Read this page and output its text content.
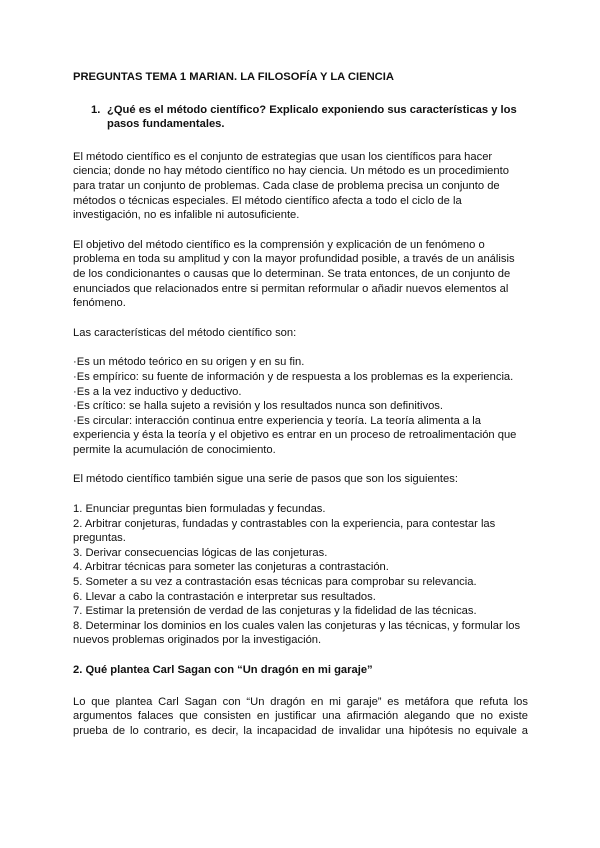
PREGUNTAS TEMA 1 MARIAN. LA FILOSOFÍA Y LA CIENCIA
1. ¿Qué es el método científico? Explicalo exponiendo sus características y los pasos fundamentales.

El método científico es el conjunto de estrategias que usan los científicos para hacer ciencia; donde no hay método científico no hay ciencia. Un método es un procedimiento para tratar un conjunto de problemas. Cada clase de problema precisa un conjunto de métodos o técnicas especiales. El método científico afecta a todo el ciclo de la investigación, no es infalible ni autosuficiente.

El objetivo del método científico es la comprensión y explicación de un fenómeno o problema en toda su amplitud y con la mayor profundidad posible, a través de un análisis de los condicionantes o causas que lo determinan. Se trata entonces, de un conjunto de enunciados que relacionados entre si permitan reformular o añadir nuevos elementos al fenómeno.

Las características del método científico son:

·Es un método teórico en su origen y en su fin.
·Es empírico: su fuente de información y de respuesta a los problemas es la experiencia.
·Es a la vez inductivo y deductivo.
·Es crítico: se halla sujeto a revisión y los resultados nunca son definitivos.
·Es circular: interacción continua entre experiencia y teoría. La teoría alimenta a la experiencia y ésta la teoría y el objetivo es entrar en un proceso de retroalimentación que permite la acumulación de conocimiento.

El método científico también sigue una serie de pasos que son los siguientes:

1. Enunciar preguntas bien formuladas y fecundas.
2. Arbitrar conjeturas, fundadas y contrastables con la experiencia, para contestar las preguntas.
3. Derivar consecuencias lógicas de las conjeturas.
4. Arbitrar técnicas para someter las conjeturas a contrastación.
5. Someter a su vez a contrastación esas técnicas para comprobar su relevancia.
6. Llevar a cabo la contrastación e interpretar sus resultados.
7. Estimar la pretensión de verdad de las conjeturas y la fidelidad de las técnicas.
8. Determinar los dominios en los cuales valen las conjeturas y las técnicas, y formular los nuevos problemas originados por la investigación.
2. Qué plantea Carl Sagan con “Un dragón en mi garaje”

Lo que plantea Carl Sagan con “Un dragón en mi garaje” es metáfora que refuta los argumentos falaces que consisten en justificar una afirmación alegando que no existe prueba de lo contrario, es decir, la incapacidad de invalidar una hipótesis no equivale a
